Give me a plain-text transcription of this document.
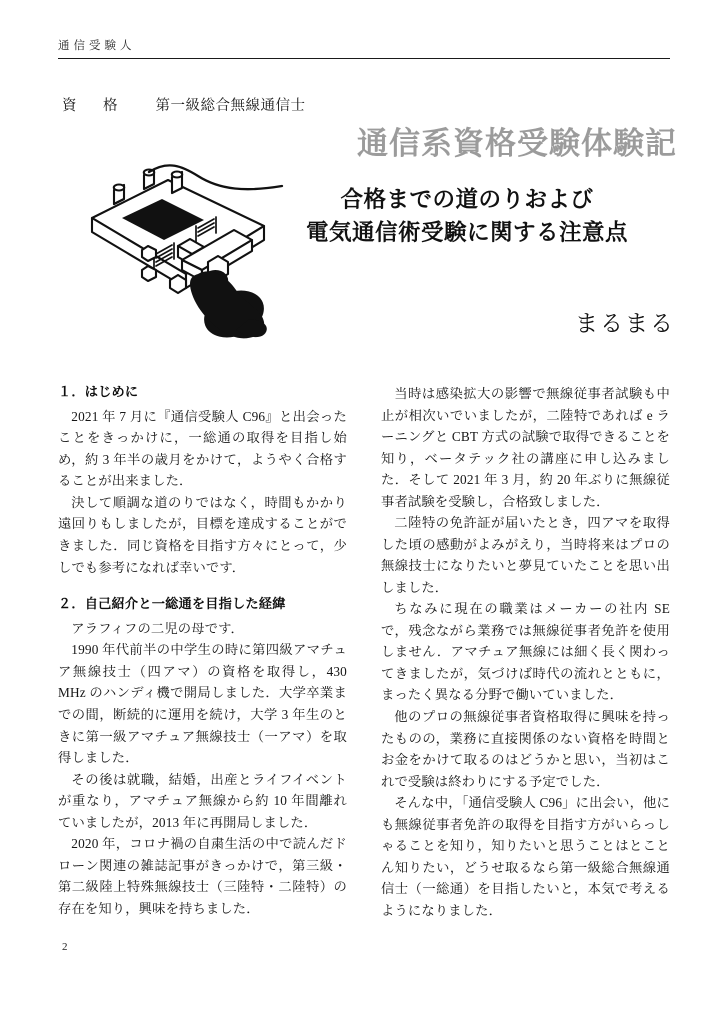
通信受験人
資　格 第一級総合無線通信士
通信系資格受験体験記
合格までの道のりおよび
電気通信術受験に関する注意点
まるまる
１．はじめに

2021 年 7 月に『通信受験人 C96』と出会ったことをきっかけに，一総通の取得を目指し始め，約 3 年半の歳月をかけて，ようやく合格することが出来ました．

決して順調な道のりではなく，時間もかかり遠回りもしましたが，目標を達成することができました．同じ資格を目指す方々にとって，少しでも参考になれば幸いです．

２．自己紹介と一総通を目指した経緯

アラフィフの二児の母です．

1990 年代前半の中学生の時に第四級アマチュア無線技士（四アマ）の資格を取得し，430 MHz のハンディ機で開局しました．大学卒業までの間，断続的に運用を続け，大学 3 年生のときに第一級アマチュア無線技士（一アマ）を取得しました．

その後は就職，結婚，出産とライフイベントが重なり，アマチュア無線から約 10 年間離れていましたが，2013 年に再開局しました．

2020 年，コロナ禍の自粛生活の中で読んだドローン関連の雑誌記事がきっかけで，第三級・第二級陸上特殊無線技士（三陸特・二陸特）の存在を知り，興味を持ちました．

当時は感染拡大の影響で無線従事者試験も中止が相次いでいましたが，二陸特であれば e ラーニングと CBT 方式の試験で取得できることを知り，ベータテック社の講座に申し込みました．そして 2021 年 3 月，約 20 年ぶりに無線従事者試験を受験し，合格致しました．

二陸特の免許証が届いたとき，四アマを取得した頃の感動がよみがえり，当時将来はプロの無線技士になりたいと夢見ていたことを思い出しました．

ちなみに現在の職業はメーカーの社内 SE で，残念ながら業務では無線従事者免許を使用しません．アマチュア無線には細く長く関わってきましたが，気づけば時代の流れとともに，まったく異なる分野で働いていました．

他のプロの無線従事者資格取得に興味を持ったものの，業務に直接関係のない資格を時間とお金をかけて取るのはどうかと思い，当初はこれで受験は終わりにする予定でした．

そんな中，「通信受験人 C96」に出会い，他にも無線従事者免許の取得を目指す方がいらっしゃることを知り，知りたいと思うことはとことん知りたい，どうせ取るなら第一級総合無線通信士（一総通）を目指したいと，本気で考えるようになりました．

2
